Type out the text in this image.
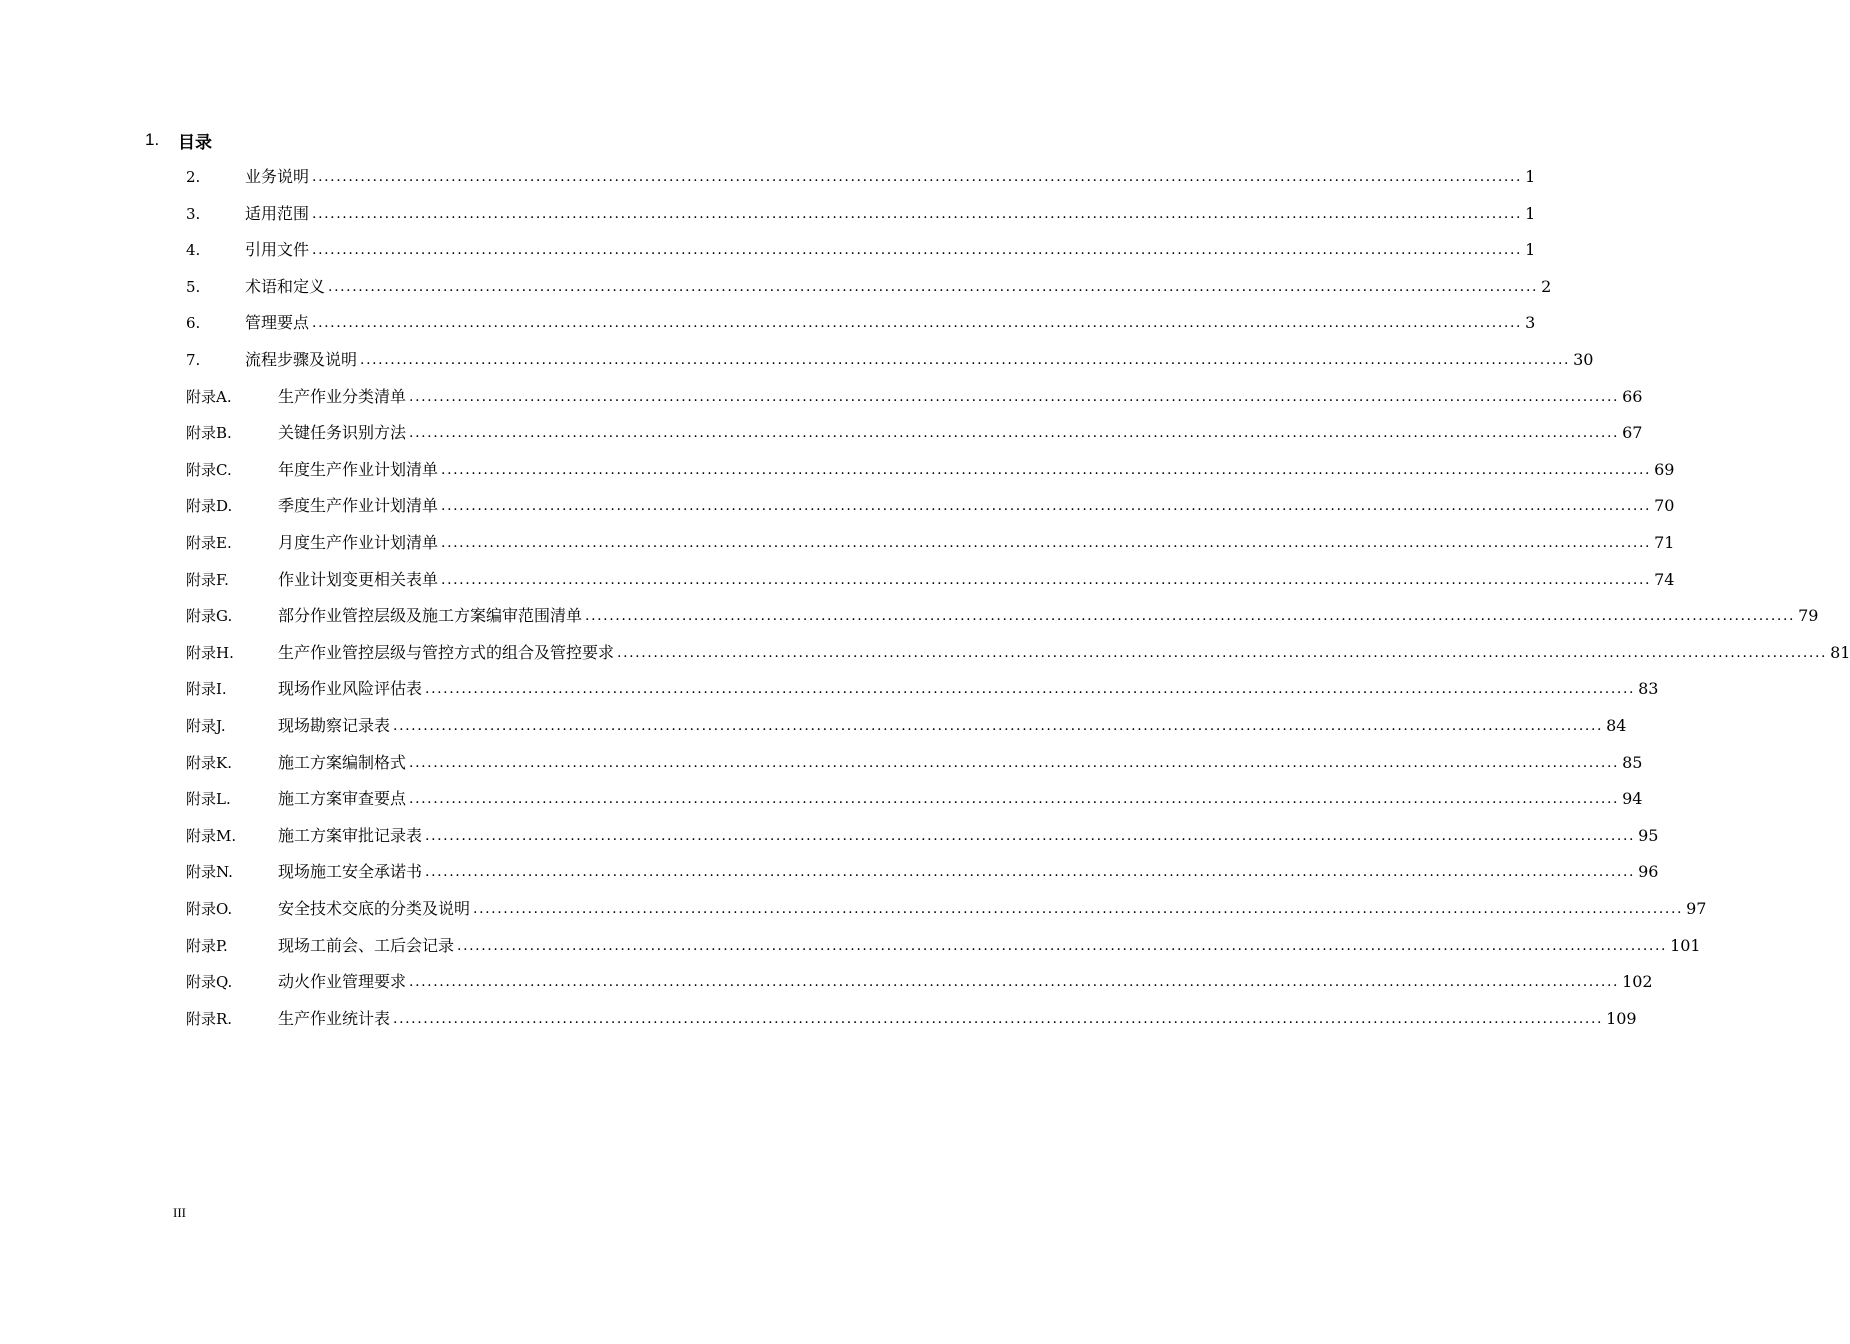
1.	目录
2.	业务说明 ........................................................................................................................................................................................................ 1
3.	适用范围 ........................................................................................................................................................................................................ 1
4.	引用文件 ........................................................................................................................................................................................................ 1
5.	术语和定义 ........................................................................................................................................................................................................ 2
6.	管理要点 ........................................................................................................................................................................................................ 3
7.	流程步骤及说明 ........................................................................................................................................................................................................ 30
附录A.	生产作业分类清单 ........................................................................................................................................................................................................ 66
附录B.	关键任务识别方法 ........................................................................................................................................................................................................ 67
附录C.	年度生产作业计划清单 ........................................................................................................................................................................................................ 69
附录D.	季度生产作业计划清单 ........................................................................................................................................................................................................ 70
附录E.	月度生产作业计划清单 ........................................................................................................................................................................................................ 71
附录F.	作业计划变更相关表单 ........................................................................................................................................................................................................ 74
附录G.	部分作业管控层级及施工方案编审范围清单 ........................................................................................................................................................................................................ 79
附录H.	生产作业管控层级与管控方式的组合及管控要求 ........................................................................................................................................................................................................ 81
附录I.	现场作业风险评估表 ........................................................................................................................................................................................................ 83
附录J.	现场勘察记录表 ........................................................................................................................................................................................................ 84
附录K.	施工方案编制格式 ........................................................................................................................................................................................................ 85
附录L.	施工方案审查要点 ........................................................................................................................................................................................................ 94
附录M.	施工方案审批记录表 ........................................................................................................................................................................................................ 95
附录N.	现场施工安全承诺书 ........................................................................................................................................................................................................ 96
附录O.	安全技术交底的分类及说明 ........................................................................................................................................................................................................ 97
附录P.	现场工前会、工后会记录 ........................................................................................................................................................................................................ 101
附录Q.	动火作业管理要求 ........................................................................................................................................................................................................ 102
附录R.	生产作业统计表 ........................................................................................................................................................................................................ 109
III
